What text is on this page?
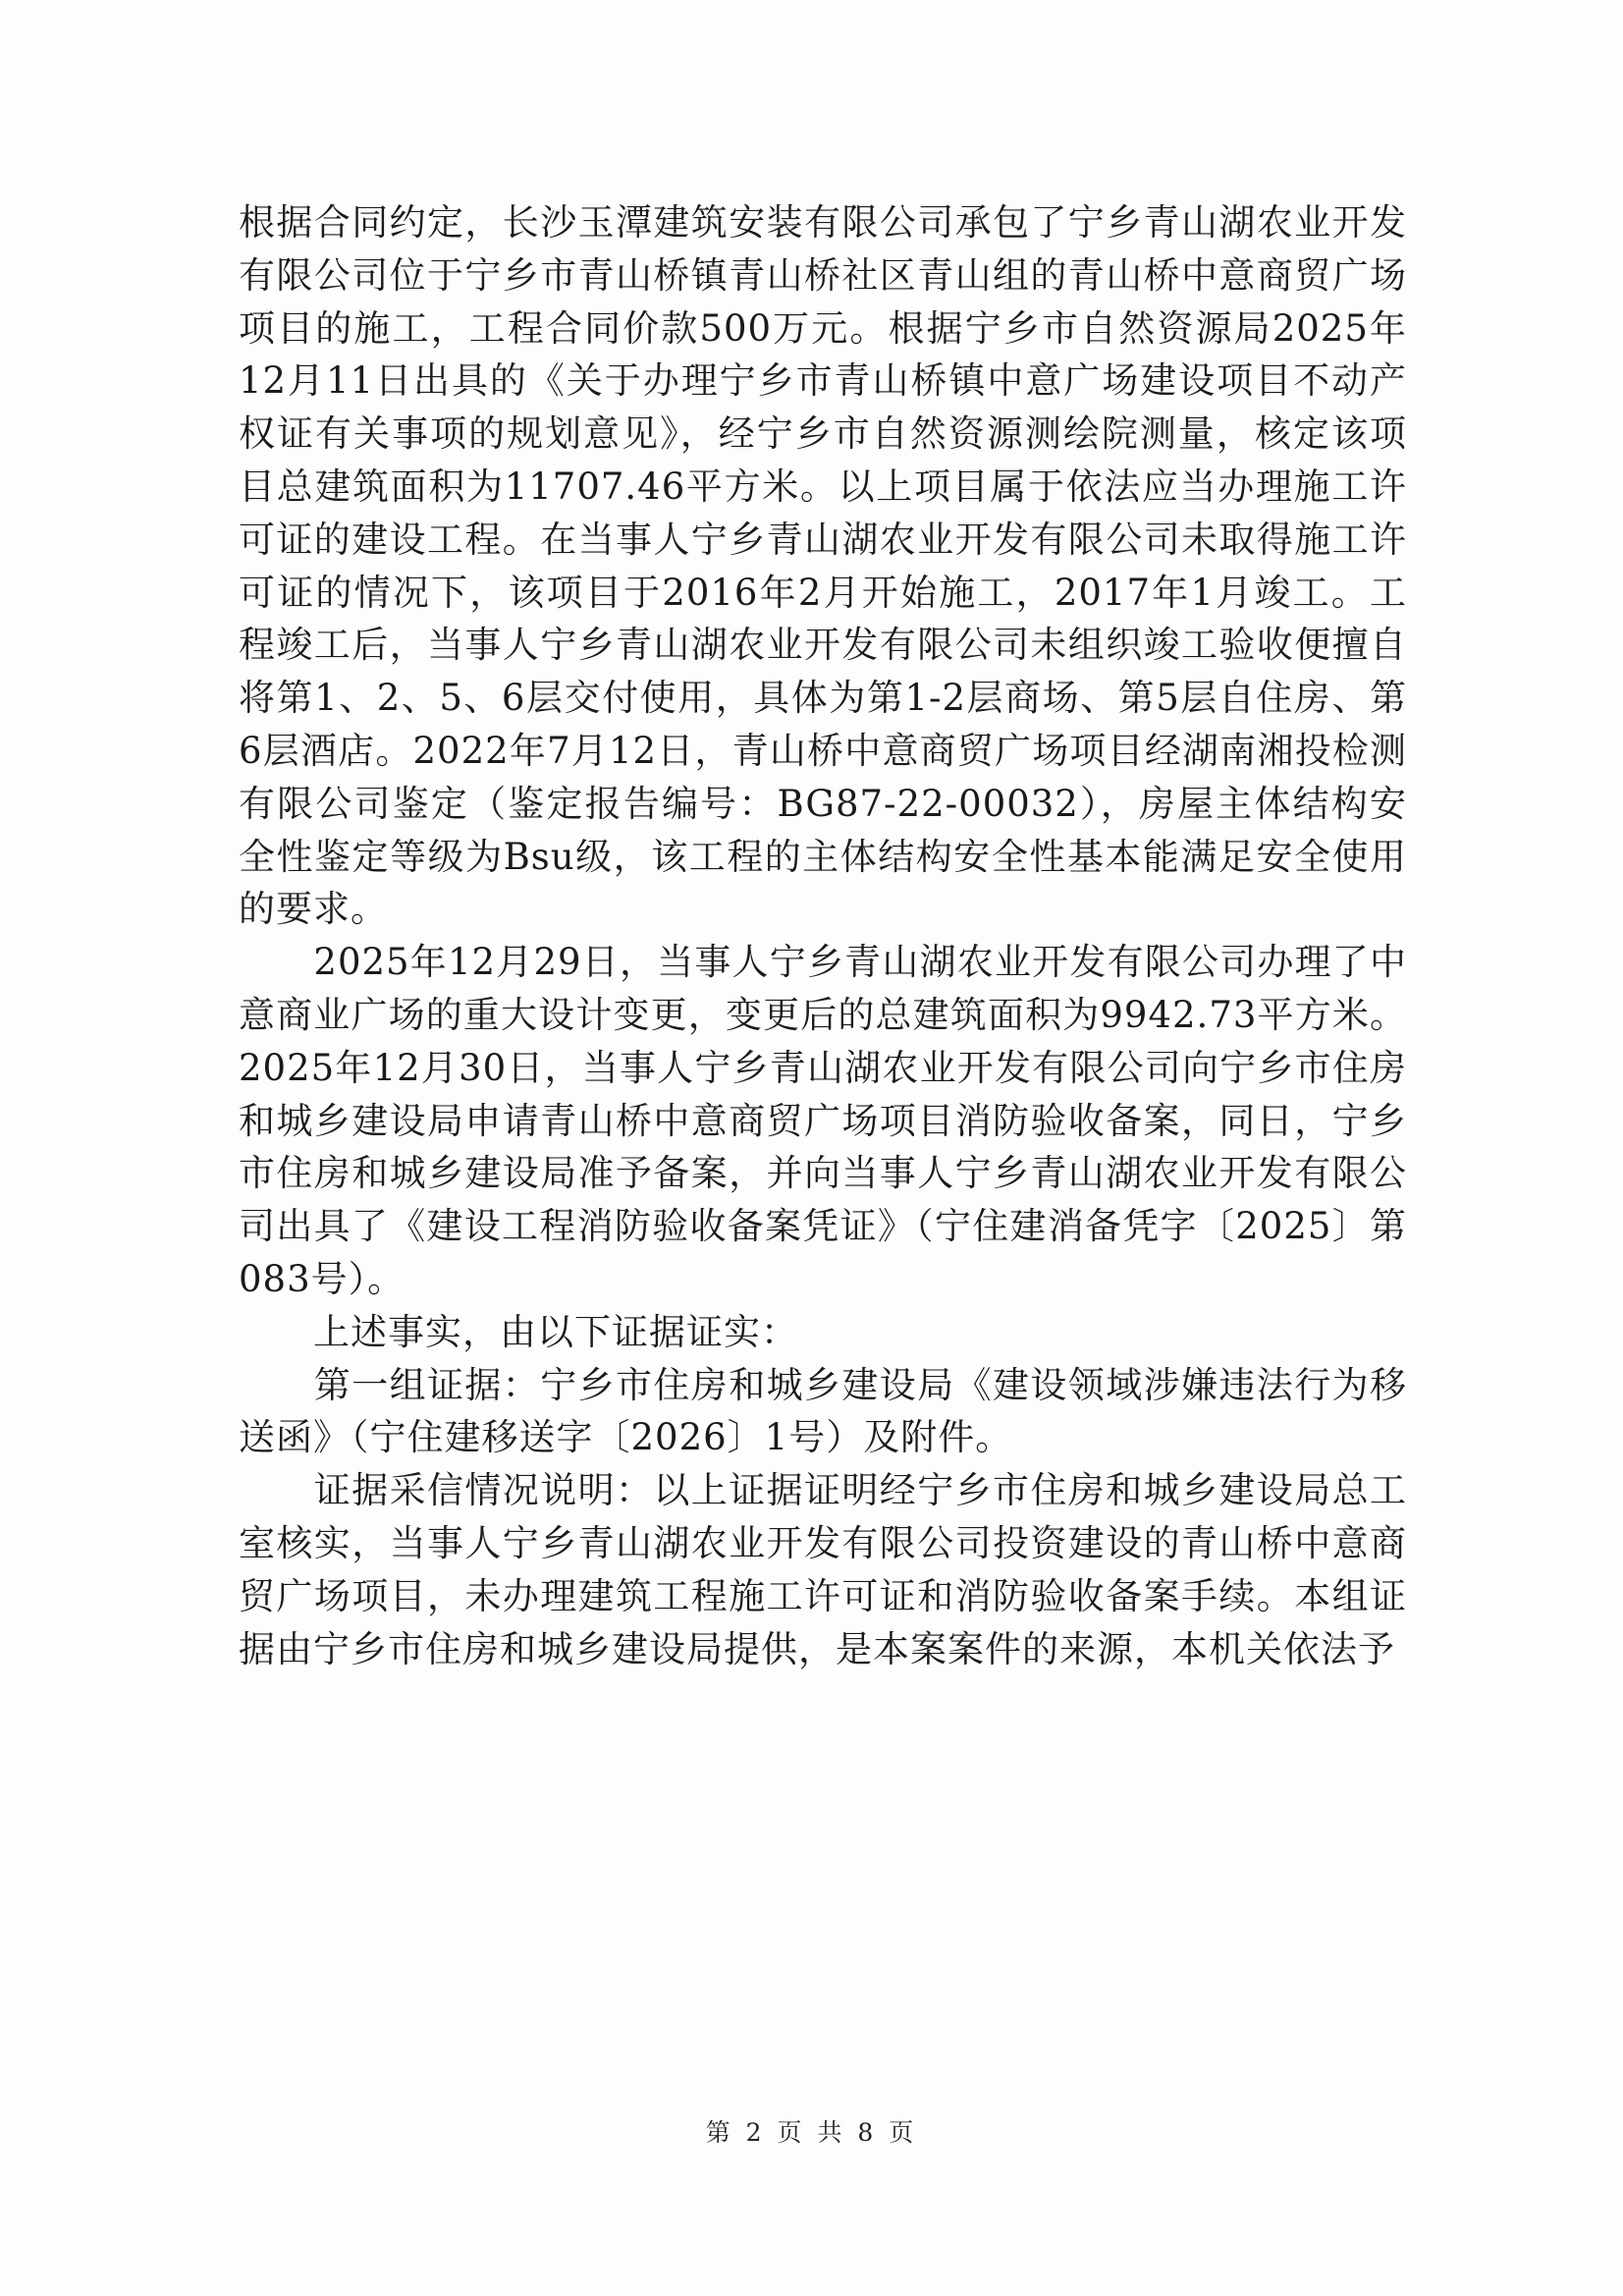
根据合同约定，长沙玉潭建筑安装有限公司承包了宁乡青山湖农业开发有限公司位于宁乡市青山桥镇青山桥社区青山组的青山桥中意商贸广场项目的施工，工程合同价款500万元。根据宁乡市自然资源局2025年12月11日出具的《关于办理宁乡市青山桥镇中意广场建设项目不动产权证有关事项的规划意见》，经宁乡市自然资源测绘院测量，核定该项目总建筑面积为11707.46平方米。以上项目属于依法应当办理施工许可证的建设工程。在当事人宁乡青山湖农业开发有限公司未取得施工许可证的情况下，该项目于2016年2月开始施工，2017年1月竣工。工程竣工后，当事人宁乡青山湖农业开发有限公司未组织竣工验收便擅自将第1、2、5、6层交付使用，具体为第1-2层商场、第5层自住房、第6层酒店。2022年7月12日，青山桥中意商贸广场项目经湖南湘投检测有限公司鉴定（鉴定报告编号：BG87-22-00032），房屋主体结构安全性鉴定等级为Bsu级，该工程的主体结构安全性基本能满足安全使用的要求。

　　2025年12月29日，当事人宁乡青山湖农业开发有限公司办理了中意商业广场的重大设计变更，变更后的总建筑面积为9942.73平方米。2025年12月30日，当事人宁乡青山湖农业开发有限公司向宁乡市住房和城乡建设局申请青山桥中意商贸广场项目消防验收备案，同日，宁乡市住房和城乡建设局准予备案，并向当事人宁乡青山湖农业开发有限公司出具了《建设工程消防验收备案凭证》（宁住建消备凭字〔2025〕第083号）。

　　上述事实，由以下证据证实：

　　第一组证据：宁乡市住房和城乡建设局《建设领域涉嫌违法行为移送函》（宁住建移送字〔2026〕1号）及附件。

　　证据采信情况说明：以上证据证明经宁乡市住房和城乡建设局总工室核实，当事人宁乡青山湖农业开发有限公司投资建设的青山桥中意商贸广场项目，未办理建筑工程施工许可证和消防验收备案手续。本组证据由宁乡市住房和城乡建设局提供，是本案案件的来源，本机关依法予

第 2 页 共 8 页
